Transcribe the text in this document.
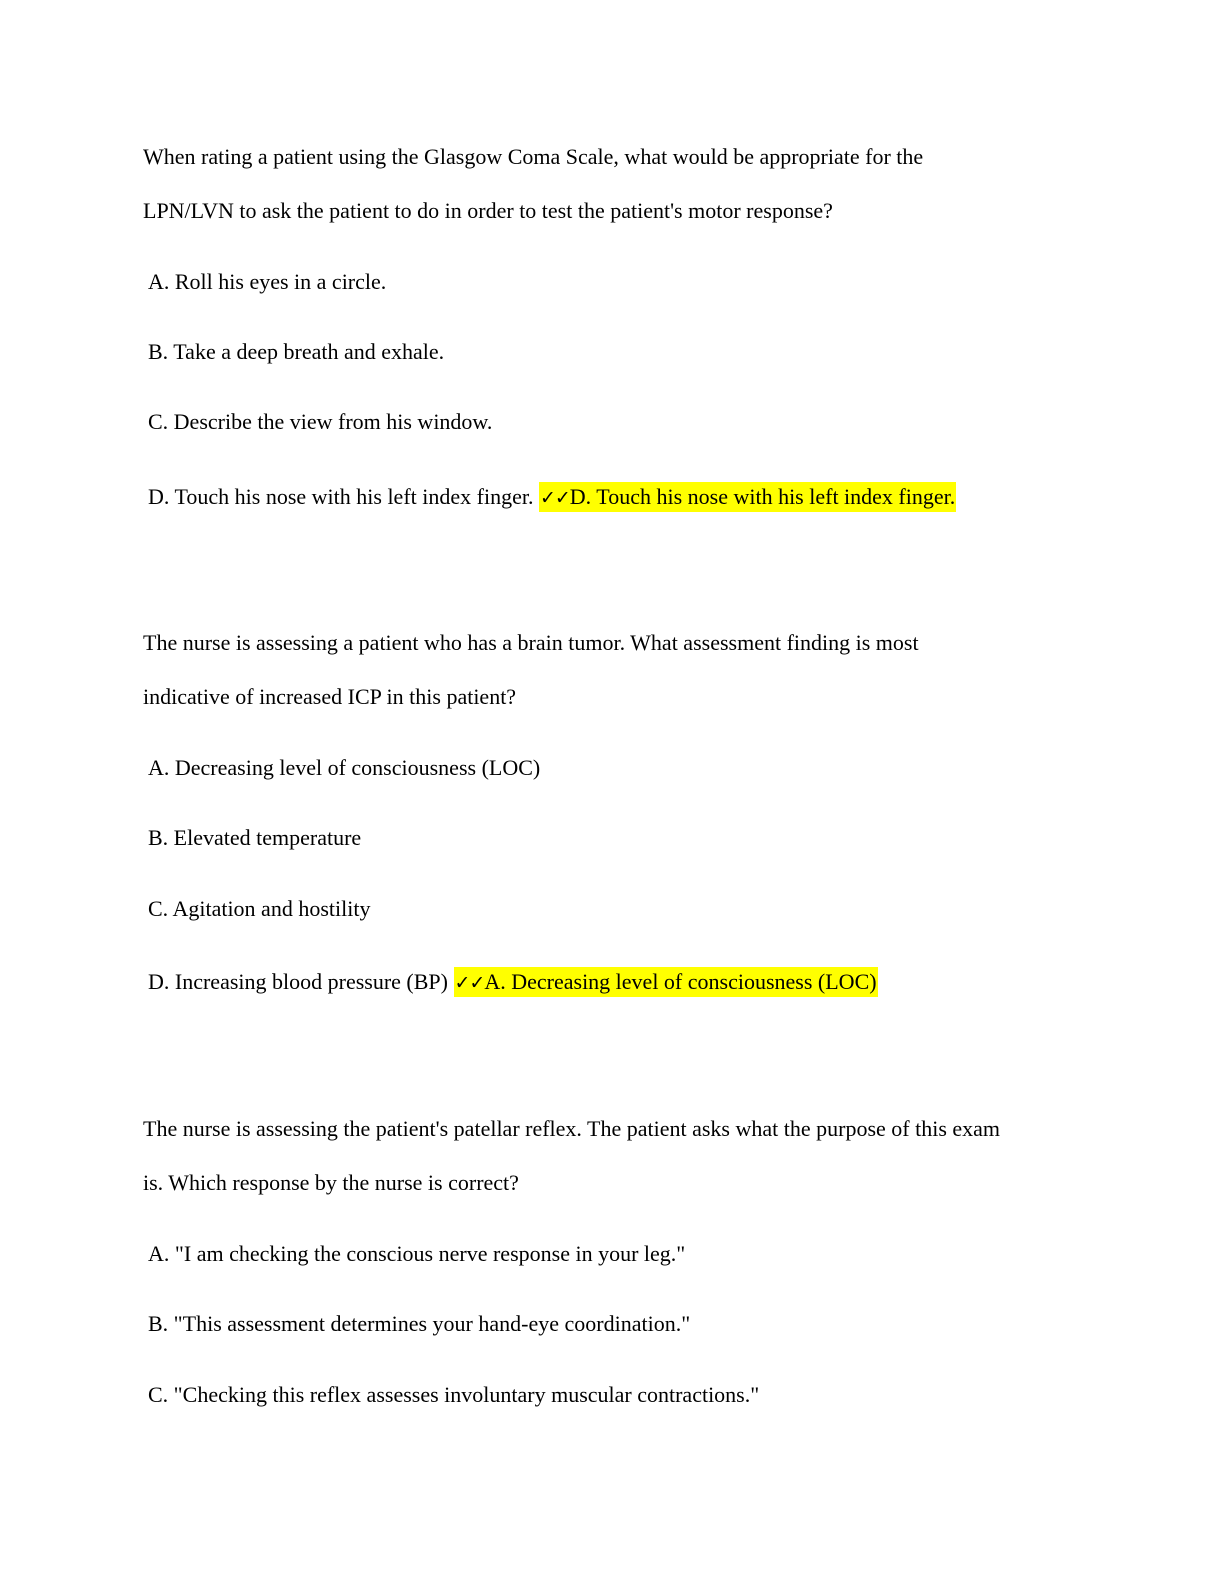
When rating a patient using the Glasgow Coma Scale, what would be appropriate for the
LPN/LVN to ask the patient to do in order to test the patient's motor response?
A. Roll his eyes in a circle.
B. Take a deep breath and exhale.
C. Describe the view from his window.
D. Touch his nose with his left index finger. ✓✓D. Touch his nose with his left index finger.
The nurse is assessing a patient who has a brain tumor. What assessment finding is most
indicative of increased ICP in this patient?
A. Decreasing level of consciousness (LOC)
B. Elevated temperature
C. Agitation and hostility
D. Increasing blood pressure (BP) ✓✓A. Decreasing level of consciousness (LOC)
The nurse is assessing the patient's patellar reflex. The patient asks what the purpose of this exam
is. Which response by the nurse is correct?
A. "I am checking the conscious nerve response in your leg."
B. "This assessment determines your hand-eye coordination."
C. "Checking this reflex assesses involuntary muscular contractions."
